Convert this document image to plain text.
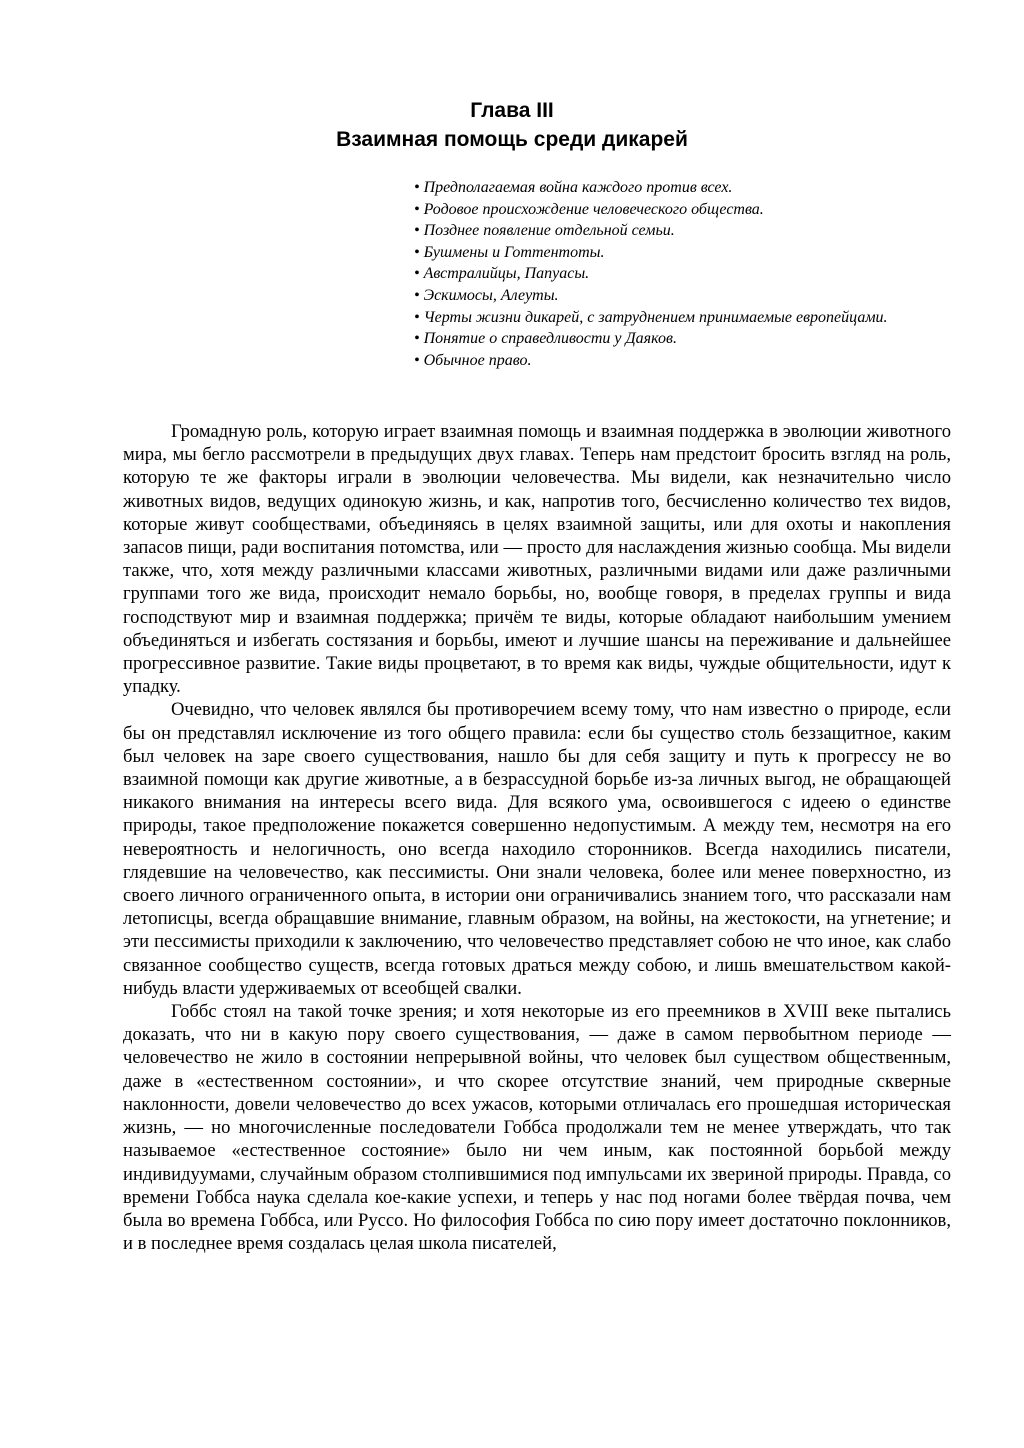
Глава III
Взаимная помощь среди дикарей
• Предполагаемая война каждого против всех.
• Родовое происхождение человеческого общества.
• Позднее появление отдельной семьи.
• Бушмены и Готтентоты.
• Австралийцы, Папуасы.
• Эскимосы, Алеуты.
• Черты жизни дикарей, с затруднением принимаемые европейцами.
• Понятие о справедливости у Даяков.
• Обычное право.

Громадную роль, которую играет взаимная помощь и взаимная поддержка в эволюции животного мира, мы бегло рассмотрели в предыдущих двух главах. Теперь нам предстоит бросить взгляд на роль, которую те же факторы играли в эволюции человечества. Мы видели, как незначительно число животных видов, ведущих одинокую жизнь, и как, напротив того, бесчисленно количество тех видов, которые живут сообществами, объединяясь в целях взаимной защиты, или для охоты и накопления запасов пищи, ради воспитания потомства, или — просто для наслаждения жизнью сообща. Мы видели также, что, хотя между различными классами животных, различными видами или даже различными группами того же вида, происходит немало борьбы, но, вообще говоря, в пределах группы и вида господствуют мир и взаимная поддержка; причём те виды, которые обладают наибольшим умением объединяться и избегать состязания и борьбы, имеют и лучшие шансы на переживание и дальнейшее прогрессивное развитие. Такие виды процветают, в то время как виды, чуждые общительности, идут к упадку.

Очевидно, что человек являлся бы противоречием всему тому, что нам известно о природе, если бы он представлял исключение из того общего правила: если бы существо столь беззащитное, каким был человек на заре своего существования, нашло бы для себя защиту и путь к прогрессу не во взаимной помощи как другие животные, а в безрассудной борьбе из-за личных выгод, не обращающей никакого внимания на интересы всего вида. Для всякого ума, освоившегося с идеею о единстве природы, такое предположение покажется совершенно недопустимым. А между тем, несмотря на его невероятность и нелогичность, оно всегда находило сторонников. Всегда находились писатели, глядевшие на человечество, как пессимисты. Они знали человека, более или менее поверхностно, из своего личного ограниченного опыта, в истории они ограничивались знанием того, что рассказали нам летописцы, всегда обращавшие внимание, главным образом, на войны, на жестокости, на угнетение; и эти пессимисты приходили к заключению, что человечество представляет собою не что иное, как слабо связанное сообщество существ, всегда готовых драться между собою, и лишь вмешательством какой-нибудь власти удерживаемых от всеобщей свалки.

Гоббс стоял на такой точке зрения; и хотя некоторые из его преемников в XVIII веке пытались доказать, что ни в какую пору своего существования, — даже в самом первобытном периоде — человечество не жило в состоянии непрерывной войны, что человек был существом общественным, даже в «естественном состоянии», и что скорее отсутствие знаний, чем природные скверные наклонности, довели человечество до всех ужасов, которыми отличалась его прошедшая историческая жизнь, — но многочисленные последователи Гоббса продолжали тем не менее утверждать, что так называемое «естественное состояние» было ни чем иным, как постоянной борьбой между индивидуумами, случайным образом столпившимися под импульсами их звериной природы. Правда, со времени Гоббса наука сделала кое-какие успехи, и теперь у нас под ногами более твёрдая почва, чем была во времена Гоббса, или Руссо. Но философия Гоббса по сию пору имеет достаточно поклонников, и в последнее время создалась целая школа писателей,
